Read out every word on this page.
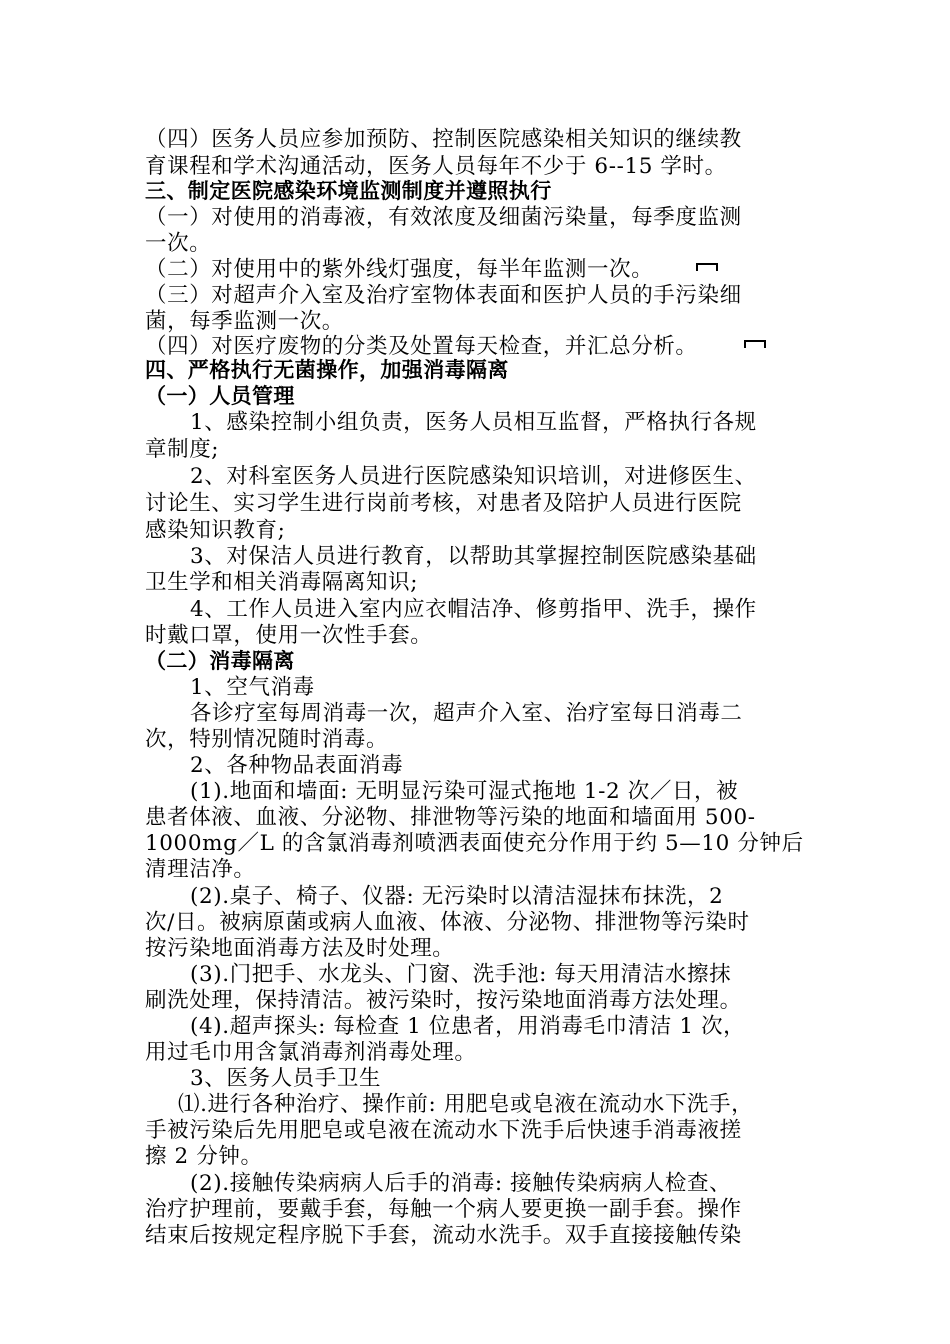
（四）医务人员应参加预防、控制医院感染相关知识的继续教
育课程和学术沟通活动，医务人员每年不少于 6--15 学时。
三、制定医院感染环境监测制度并遵照执行
（一）对使用的消毒液，有效浓度及细菌污染量，每季度监测
一次。
（二）对使用中的紫外线灯强度，每半年监测一次。
（三）对超声介入室及治疗室物体表面和医护人员的手污染细
菌，每季监测一次。
（四）对医疗废物的分类及处置每天检查，并汇总分析。
四、严格执行无菌操作，加强消毒隔离
（一）人员管理
1、感染控制小组负责，医务人员相互监督，严格执行各规
章制度;
2、对科室医务人员进行医院感染知识培训，对进修医生、
讨论生、实习学生进行岗前考核，对患者及陪护人员进行医院
感染知识教育;
3、对保洁人员进行教育，以帮助其掌握控制医院感染基础
卫生学和相关消毒隔离知识;
4、工作人员进入室内应衣帽洁净、修剪指甲、洗手，操作
时戴口罩，使用一次性手套。
（二）消毒隔离
1、空气消毒
各诊疗室每周消毒一次，超声介入室、治疗室每日消毒二
次，特别情况随时消毒。
2、各种物品表面消毒
(1).地面和墙面: 无明显污染可湿式拖地 1-2 次／日，被
患者体液、血液、分泌物、排泄物等污染的地面和墙面用 500-
1000mg／L 的含氯消毒剂喷洒表面使充分作用于约 5—10 分钟后
清理洁净。
(2).桌子、椅子、仪器: 无污染时以清洁湿抹布抹洗，2
次/日。被病原菌或病人血液、体液、分泌物、排泄物等污染时
按污染地面消毒方法及时处理。
(3).门把手、水龙头、门窗、洗手池: 每天用清洁水擦抹
刷洗处理，保持清洁。被污染时，按污染地面消毒方法处理。
(4).超声探头: 每检查 1 位患者，用消毒毛巾清洁 1 次，
用过毛巾用含氯消毒剂消毒处理。
3、医务人员手卫生
⑴.进行各种治疗、操作前: 用肥皂或皂液在流动水下洗手，
手被污染后先用肥皂或皂液在流动水下洗手后快速手消毒液搓
擦 2 分钟。
(2).接触传染病病人后手的消毒: 接触传染病病人检查、
治疗护理前，要戴手套，每触一个病人要更换一副手套。操作
结束后按规定程序脱下手套，流动水洗手。双手直接接触传染
